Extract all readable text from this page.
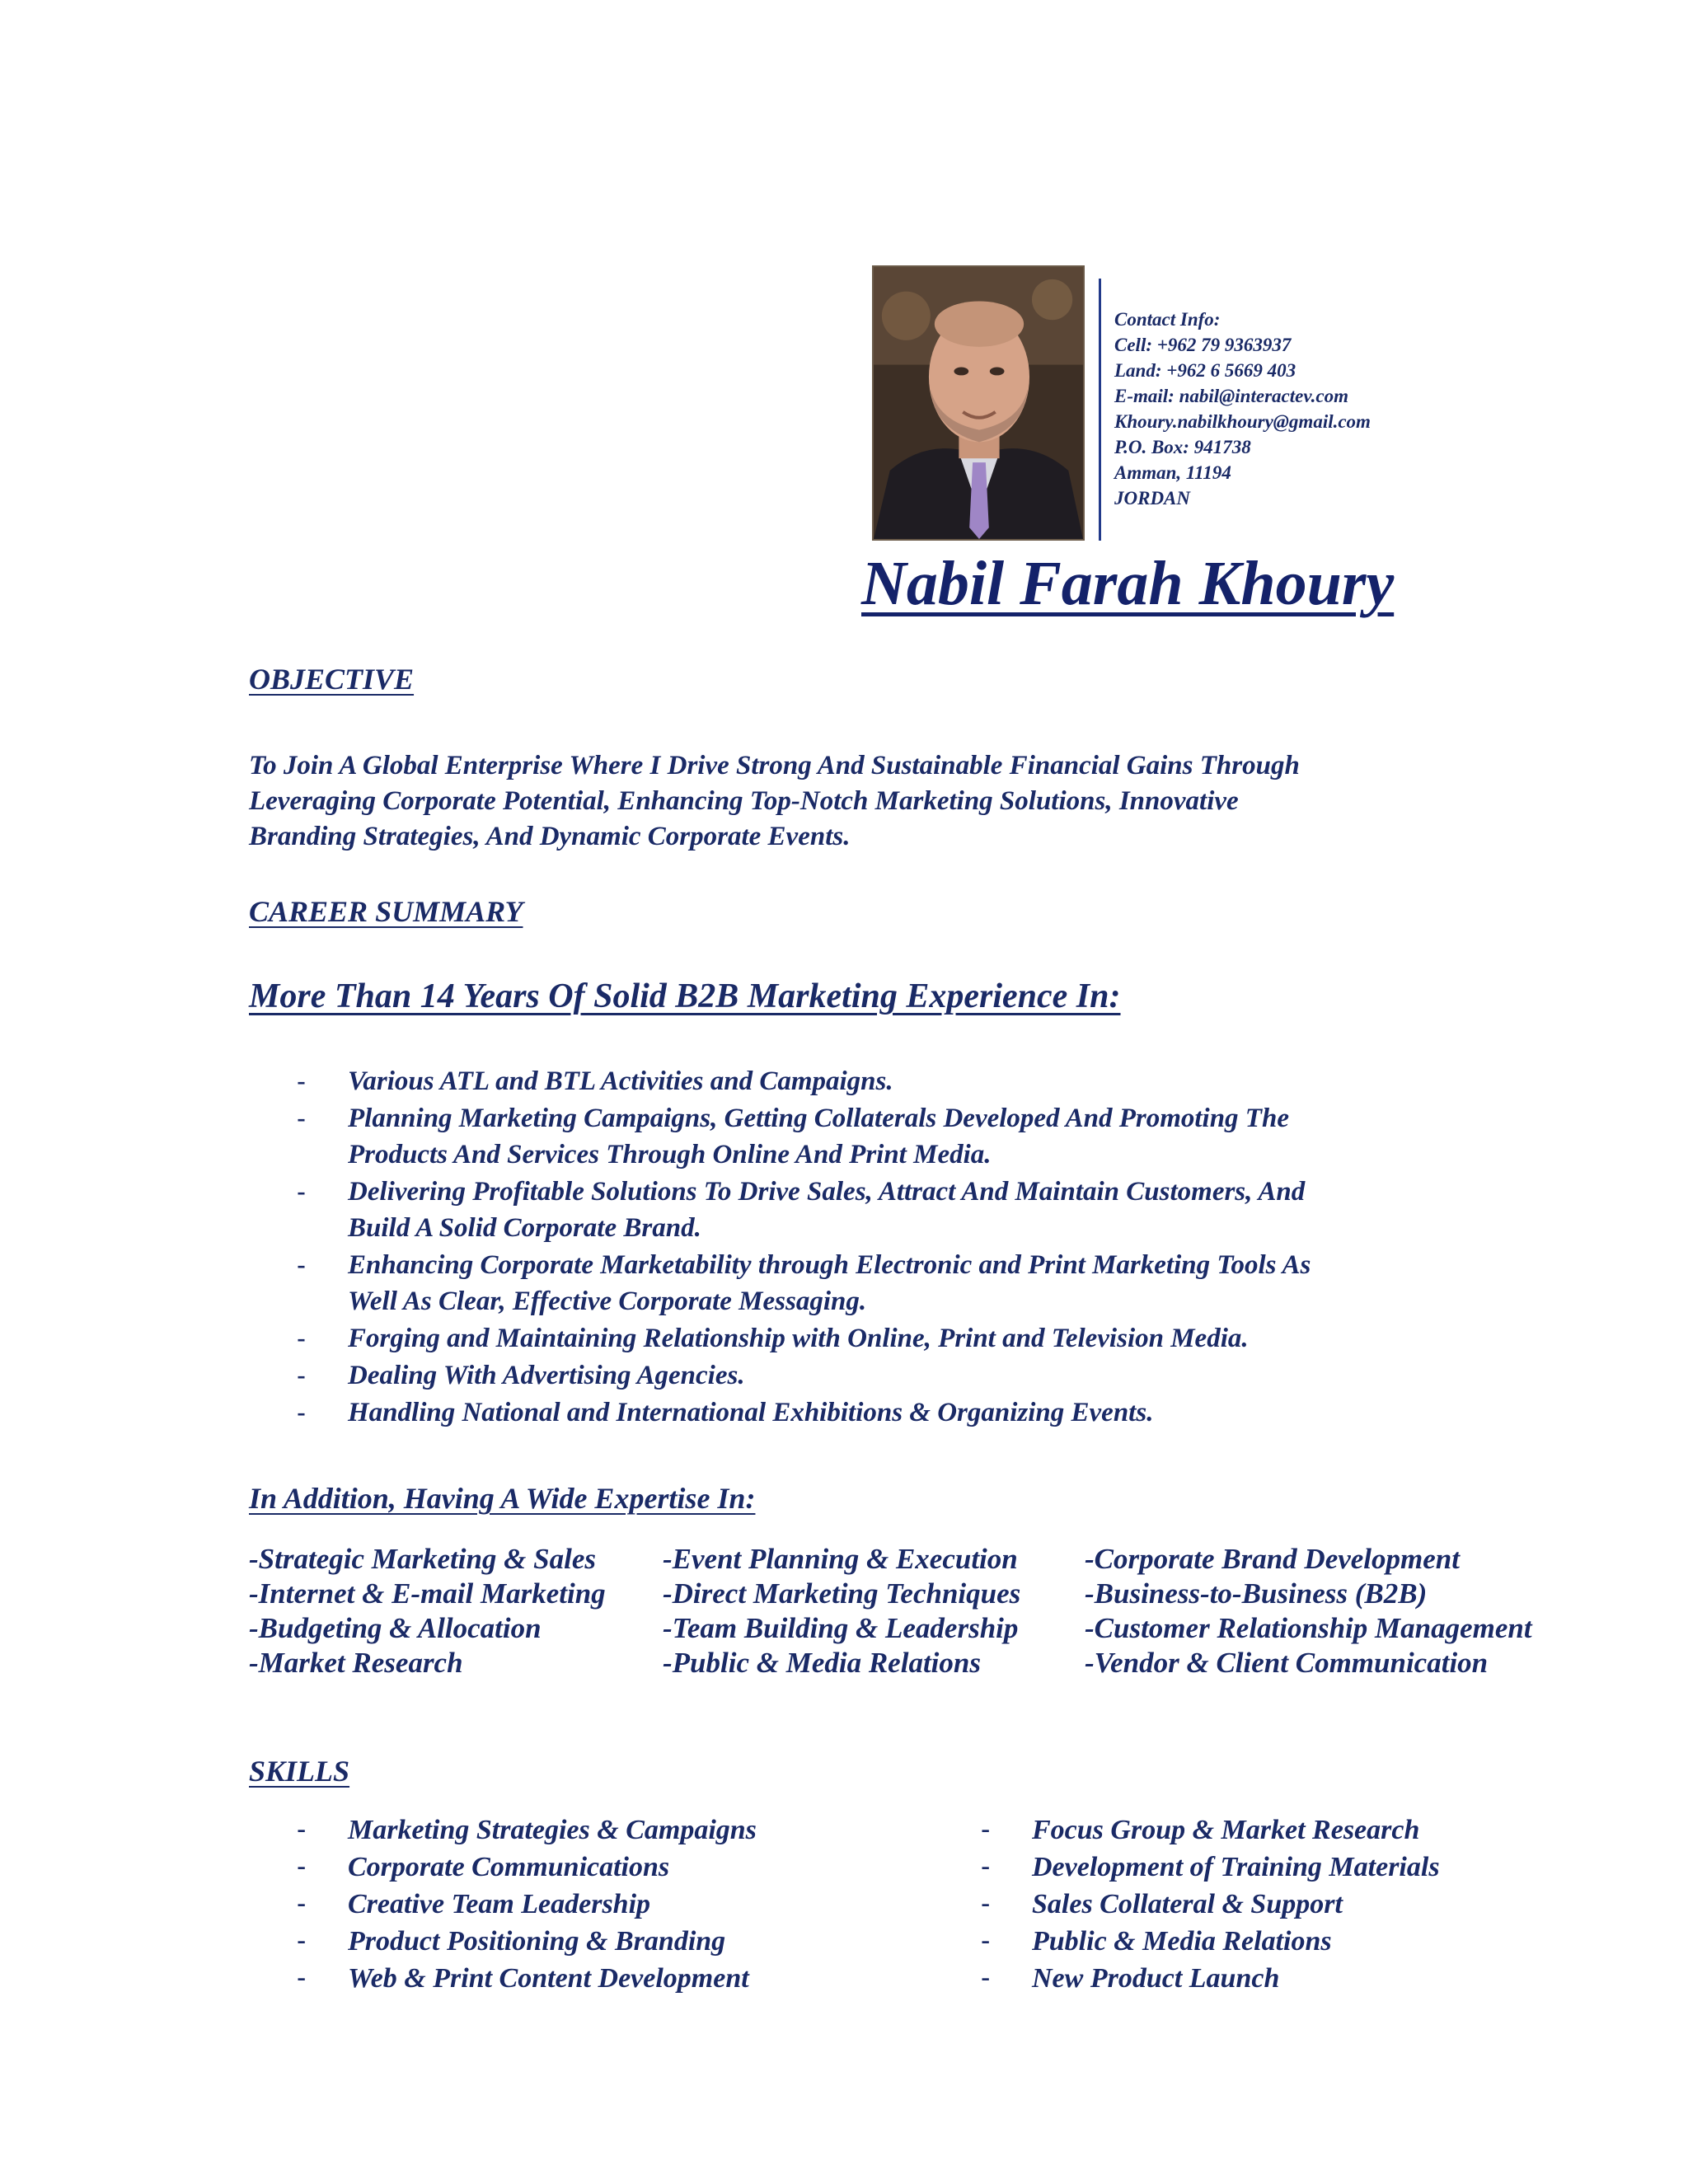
Contact Info:
Cell: +962 79 9363937
Land: +962 6 5669 403
E-mail: nabil@interactev.com
Khoury.nabilkhoury@gmail.com
P.O. Box: 941738
Amman, 11194
JORDAN
Nabil Farah Khoury
OBJECTIVE
To Join A Global Enterprise Where I Drive Strong And Sustainable Financial Gains Through
Leveraging Corporate Potential, Enhancing Top-Notch Marketing Solutions, Innovative
Branding Strategies, And Dynamic Corporate Events.
CAREER SUMMARY
More Than 14 Years Of Solid B2B Marketing Experience In:
-	Various ATL and BTL Activities and Campaigns.
-	Planning Marketing Campaigns, Getting Collaterals Developed And Promoting The
Products And Services Through Online And Print Media.
-	Delivering Profitable Solutions To Drive Sales, Attract And Maintain Customers, And
Build A Solid Corporate Brand.
-	Enhancing Corporate Marketability through Electronic and Print Marketing Tools As
Well As Clear, Effective Corporate Messaging.
-	Forging and Maintaining Relationship with Online, Print and Television Media.
-	Dealing With Advertising Agencies.
-	Handling National and International Exhibitions & Organizing Events.
In Addition, Having A Wide Expertise In:
-Strategic Marketing & Sales	-Event Planning & Execution	-Corporate Brand Development
-Internet & E-mail Marketing	-Direct Marketing Techniques	-Business-to-Business (B2B)
-Budgeting & Allocation	-Team Building & Leadership	-Customer Relationship Management
-Market Research	-Public & Media Relations	-Vendor & Client Communication
SKILLS
-	Marketing Strategies & Campaigns
-	Corporate Communications
-	Creative Team Leadership
-	Product Positioning & Branding
-	Web & Print Content Development
-	Focus Group & Market Research
-	Development of Training Materials
-	Sales Collateral & Support
-	Public & Media Relations
-	New Product Launch
